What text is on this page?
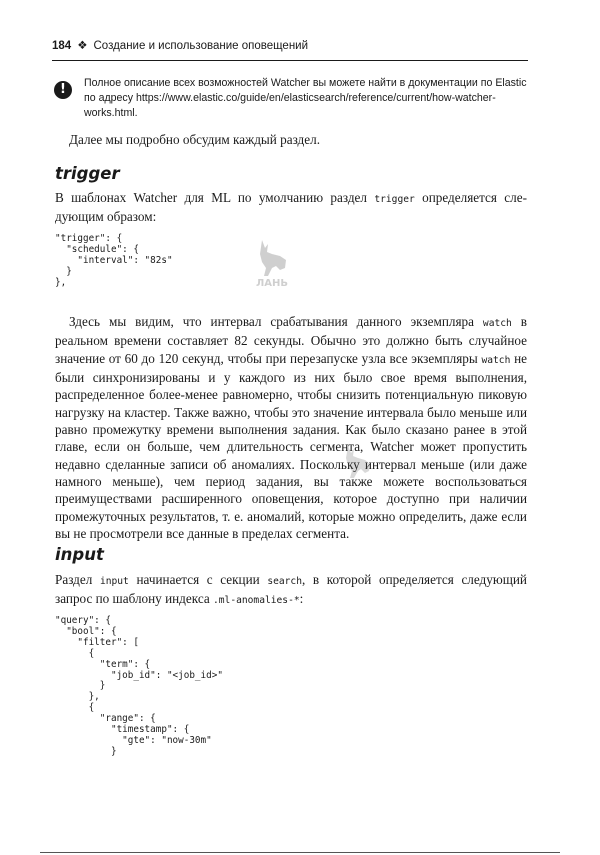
184 ❖ Создание и использование оповещений
!	Полное описание всех возможностей Watcher вы можете найти в документации по Elastic по адресу https://www.elastic.co/guide/en/elasticsearch/reference/current/how-watcher-works.html.

Далее мы подробно обсудим каждый раздел.

trigger

В шаблонах Watcher для ML по умолчанию раздел trigger определяется следующим образом:

"trigger": {
"schedule": {
"interval": "82s"
}
},

Здесь мы видим, что интервал срабатывания данного экземпляра watch в реальном времени составляет 82 секунды. Обычно это должно быть случайное значение от 60 до 120 секунд, чтобы при перезапуске узла все экземпляры watch не были синхронизированы и у каждого из них было свое время выполнения, распределенное более-менее равномерно, чтобы снизить потенциальную пиковую нагрузку на кластер. Также важно, чтобы это значение интервала было меньше или равно промежутку времени выполнения задания. Как было сказано ранее в этой главе, если он больше, чем длительность сегмента, Watcher может пропустить недавно сделанные записи об аномалиях. Поскольку интервал меньше (или даже намного меньше), чем период задания, вы также можете воспользоваться преимуществами расширенного оповещения, которое доступно при наличии промежуточных результатов, т. е. аномалий, которые можно определить, даже если вы не просмотрели все данные в пределах сегмента.

input

Раздел input начинается с секции search, в которой определяется следующий запрос по шаблону индекса .ml-anomalies-*:

"query": {
"bool": {
"filter": [
{
"term": {
"job_id": "<job_id>"
}
},
{
"range": {
"timestamp": {
"gte": "now-30m"
}
ЛАНЬ
